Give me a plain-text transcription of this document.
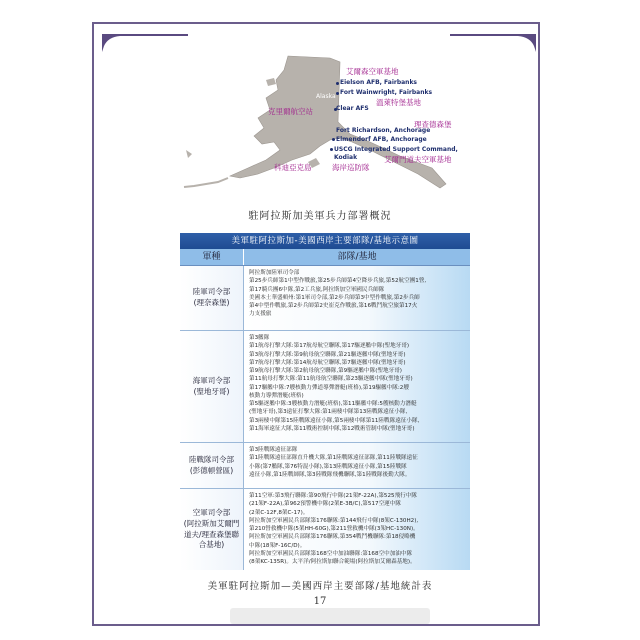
Alaska
艾爾森空軍基地
Eielson AFB, Fairbanks
Fort Wainwright, Fairbanks
溫萊特堡基地
Clear AFS
克里爾航空站
理查德森堡
Fort Richardson, Anchorage
Elmendorf AFB, Anchorage
USCG Integrated Support Command,
Kodiak
科迪亞克島	海岸巡防隊
艾爾門道夫空軍基地
駐阿拉斯加美軍兵力部署概況
美軍駐阿拉斯加-美國西岸主要部隊/基地示意圖
軍種	部隊/基地
陸軍司令部
(理奈森堡)

阿拉斯加陸軍司令部

第25步兵師第1中型作戰旅,第25步兵師第4空降步兵旅,第52航空團1營,

第17騎兵團6中隊,第2工兵旅,阿拉斯加空軍國民兵師隊

美國本土華盛頓州:第1軍司令部,第2步兵師第3中型作戰旅,第2步兵師

第4中型作戰旅,第2步兵師第2史崔克作戰旅,第16戰鬥航空旅第17火

力支援旅

海軍司令部
(聖地牙哥)

第3艦隊

第1航母打擊大隊:第17航母航空聯隊,第17驅逐艦中隊(聖地牙哥)

第3航母打擊大隊:第9航母航空聯隊,第21驅逐艦中隊(聖地牙哥)

第7航母打擊大隊:第14航母航空聯隊,第7驅逐艦中隊(聖地牙哥)

第9航母打擊大隊:第2航母航空聯隊,第9驅逐艦中隊(聖地牙哥)

第11航母打擊大隊:第11航母航空聯隊,第23驅逐艦中隊(聖地牙哥)

第17驅艦中隊:7艘核動力彈道導彈潛艇(班格),第19驅艦中隊:2艘

核動力導彈潛艇(班格)

第5驅逐艦中隊:3艘核動力潛艇(班格),第11驅艦中隊:5艘核動力潛艇

(聖地牙哥),第3遠征打擊大隊:第1兩棲中隊第13陸戰隊遠征小隊,

第3兩棲中隊第15陸戰隊遠征小隊,第5兩棲中隊第11陸戰隊遠征小隊,

第1海軍遠征大隊,第11戰術控制中隊,第12戰術管制中隊(聖地牙哥)

陸戰隊司令部
(彭德頓營區)

第3陸戰隊遠征部隊

第1陸戰隊遠征部隊直升機大隊,第1陸戰隊遠征部隊,第11陸戰隊遠征

小隊(第7艦隊,第76特混小隊),第13陸戰隊遠征小隊,第15陸戰隊

遠征小隊,第1陸戰師隊,第3陸戰隊飛機聯隊,第1陸戰隊後勤大隊。

空軍司令部
(阿拉斯加艾爾門
道夫/理查森堡聯
合基地)

第11空軍:第3飛行聯隊:第90飛行中隊(21架F-22A),第525飛行中隊

(21架F-22A),第962預警機中隊(2架E-3B/C),第517空運中隊

(2架C-12F,8架C-17)。

阿拉斯加空軍國民兵部隊第176聯隊:第144飛行中隊(8架C-130H2),

第210營救機中隊(5架HH-60G),第211營救機中隊(3架HC-130N)。

阿拉斯加空軍國民兵部隊第176聯隊,第354戰鬥機聯隊:第18侵略機

中隊(18架F-16C/D)。

阿拉斯加空軍國民兵部隊第168空中加油聯隊:第168空中加油中隊

(8架KC-135R)。太平洋/阿拉斯加聯合範場(阿拉斯加艾爾森基地)。

美軍駐阿拉斯加—美國西岸主要部隊/基地統計表
17
